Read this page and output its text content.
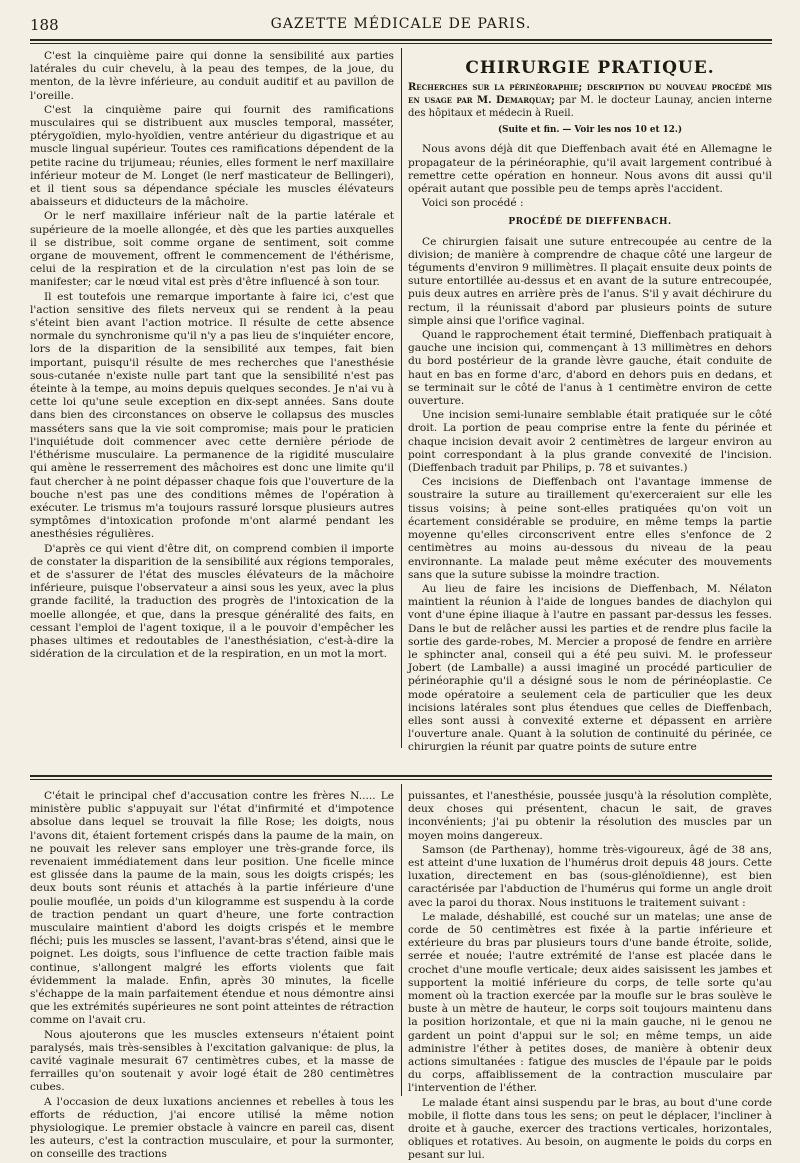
188	GAZETTE MÉDICALE DE PARIS.

C'est la cinquième paire qui donne la sensibilité aux parties latérales du cuir chevelu, à la peau des tempes, de la joue, du menton, de la lèvre inférieure, au conduit auditif et au pavillon de l'oreille.

C'est la cinquième paire qui fournit des ramifications musculaires qui se distribuent aux muscles temporal, masséter, ptérygoïdien, mylo-hyoïdien, ventre antérieur du digastrique et au muscle lingual supérieur. Toutes ces ramifications dépendent de la petite racine du trijumeau; réunies, elles forment le nerf maxillaire inférieur moteur de M. Longet (le nerf masticateur de Bellingeri), et il tient sous sa dépendance spéciale les muscles élévateurs abaisseurs et diducteurs de la mâchoire.

Or le nerf maxillaire inférieur naît de la partie latérale et supérieure de la moelle allongée, et dès que les parties auxquelles il se distribue, soit comme organe de sentiment, soit comme organe de mouvement, offrent le commencement de l'éthérisme, celui de la respiration et de la circulation n'est pas loin de se manifester; car le nœud vital est près d'être influencé à son tour.

Il est toutefois une remarque importante à faire ici, c'est que l'action sensitive des filets nerveux qui se rendent à la peau s'éteint bien avant l'action motrice. Il résulte de cette absence normale du synchronisme qu'il n'y a pas lieu de s'inquiéter encore, lors de la disparition de la sensibilité aux tempes, fait bien important, puisqu'il résulte de mes recherches que l'anesthésie sous-cutanée n'existe nulle part tant que la sensibilité n'est pas éteinte à la tempe, au moins depuis quelques secondes. Je n'ai vu à cette loi qu'une seule exception en dix-sept années. Sans doute dans bien des circonstances on observe le collapsus des muscles masséters sans que la vie soit compromise; mais pour le praticien l'inquiétude doit commencer avec cette dernière période de l'éthérisme musculaire. La permanence de la rigidité musculaire qui amène le resserrement des mâchoires est donc une limite qu'il faut chercher à ne point dépasser chaque fois que l'ouverture de la bouche n'est pas une des conditions mêmes de l'opération à exécuter. Le trismus m'a toujours rassuré lorsque plusieurs autres symptômes d'intoxication profonde m'ont alarmé pendant les anesthésies régulières.

D'après ce qui vient d'être dit, on comprend combien il importe de constater la disparition de la sensibilité aux régions temporales, et de s'assurer de l'état des muscles élévateurs de la mâchoire inférieure, puisque l'observateur a ainsi sous les yeux, avec la plus grande facilité, la traduction des progrès de l'intoxication de la moelle allongée, et que, dans la presque généralité des faits, en cessant l'emploi de l'agent toxique, il a le pouvoir d'empêcher les phases ultimes et redoutables de l'anesthésiation, c'est-à-dire la sidération de la circulation et de la respiration, en un mot la mort.

CHIRURGIE PRATIQUE.
Recherches sur la périnéoraphie; description du nouveau procédé mis en usage par M. Demarquay; par M. le docteur Launay, ancien interne des hôpitaux et médecin à Rueil.
(Suite et fin. — Voir les nos 10 et 12.)

Nous avons déjà dit que Dieffenbach avait été en Allemagne le propagateur de la périnéoraphie, qu'il avait largement contribué à remettre cette opération en honneur. Nous avons dit aussi qu'il opérait autant que possible peu de temps après l'accident.

Voici son procédé :

PROCÉDÉ DE DIEFFENBACH.

Ce chirurgien faisait une suture entrecoupée au centre de la division; de manière à comprendre de chaque côté une largeur de téguments d'environ 9 millimètres. Il plaçait ensuite deux points de suture entortillée au-dessus et en avant de la suture entrecoupée, puis deux autres en arrière près de l'anus. S'il y avait déchirure du rectum, il la réunissait d'abord par plusieurs points de suture simple ainsi que l'orifice vaginal.

Quand le rapprochement était terminé, Dieffenbach pratiquait à gauche une incision qui, commençant à 13 millimètres en dehors du bord postérieur de la grande lèvre gauche, était conduite de haut en bas en forme d'arc, d'abord en dehors puis en dedans, et se terminait sur le côté de l'anus à 1 centimètre environ de cette ouverture.

Une incision semi-lunaire semblable était pratiquée sur le côté droit. La portion de peau comprise entre la fente du périnée et chaque incision devait avoir 2 centimètres de largeur environ au point correspondant à la plus grande convexité de l'incision. (Dieffenbach traduit par Philips, p. 78 et suivantes.)

Ces incisions de Dieffenbach ont l'avantage immense de soustraire la suture au tiraillement qu'exerceraient sur elle les tissus voisins; à peine sont-elles pratiquées qu'on voit un écartement considérable se produire, en même temps la partie moyenne qu'elles circonscrivent entre elles s'enfonce de 2 centimètres au moins au-dessous du niveau de la peau environnante. La malade peut même exécuter des mouvements sans que la suture subisse la moindre traction.

Au lieu de faire les incisions de Dieffenbach, M. Nélaton maintient la réunion à l'aide de longues bandes de diachylon qui vont d'une épine iliaque à l'autre en passant par-dessus les fesses. Dans le but de relâcher aussi les parties et de rendre plus facile la sortie des garde-robes, M. Mercier a proposé de fendre en arrière le sphincter anal, conseil qui a été peu suivi. M. le professeur Jobert (de Lamballe) a aussi imaginé un procédé particulier de périnéoraphie qu'il a désigné sous le nom de périnéoplastie. Ce mode opératoire a seulement cela de particulier que les deux incisions latérales sont plus étendues que celles de Dieffenbach, elles sont aussi à convexité externe et dépassent en arrière l'ouverture anale. Quant à la solution de continuité du périnée, ce chirurgien la réunit par quatre points de suture entre

C'était le principal chef d'accusation contre les frères N..... Le ministère public s'appuyait sur l'état d'infirmité et d'impotence absolue dans lequel se trouvait la fille Rose; les doigts, nous l'avons dit, étaient fortement crispés dans la paume de la main, on ne pouvait les relever sans employer une très-grande force, ils revenaient immédiatement dans leur position. Une ficelle mince est glissée dans la paume de la main, sous les doigts crispés; les deux bouts sont réunis et attachés à la partie inférieure d'une poulie mouflée, un poids d'un kilogramme est suspendu à la corde de traction pendant un quart d'heure, une forte contraction musculaire maintient d'abord les doigts crispés et le membre fléchi; puis les muscles se lassent, l'avant-bras s'étend, ainsi que le poignet. Les doigts, sous l'influence de cette traction faible mais continue, s'allongent malgré les efforts violents que fait évidemment la malade. Enfin, après 30 minutes, la ficelle s'échappe de la main parfaitement étendue et nous démontre ainsi que les extrémités supérieures ne sont point atteintes de rétraction comme on l'avait cru.

Nous ajouterons que les muscles extenseurs n'étaient point paralysés, mais très-sensibles à l'excitation galvanique: de plus, la cavité vaginale mesurait 67 centimètres cubes, et la masse de ferrailles qu'on soutenait y avoir logé était de 280 centimètres cubes.

A l'occasion de deux luxations anciennes et rebelles à tous les efforts de réduction, j'ai encore utilisé la même notion physiologique. Le premier obstacle à vaincre en pareil cas, disent les auteurs, c'est la contraction musculaire, et pour la surmonter, on conseille des tractions

puissantes, et l'anesthésie, poussée jusqu'à la résolution complète, deux choses qui présentent, chacun le sait, de graves inconvénients; j'ai pu obtenir la résolution des muscles par un moyen moins dangereux.

Samson (de Parthenay), homme très-vigoureux, âgé de 38 ans, est atteint d'une luxation de l'humérus droit depuis 48 jours. Cette luxation, directement en bas (sous-glénoïdienne), est bien caractérisée par l'abduction de l'humérus qui forme un angle droit avec la paroi du thorax. Nous instituons le traitement suivant :

Le malade, déshabillé, est couché sur un matelas; une anse de corde de 50 centimètres est fixée à la partie inférieure et extérieure du bras par plusieurs tours d'une bande étroite, solide, serrée et nouée; l'autre extrémité de l'anse est placée dans le crochet d'une moufle verticale; deux aides saisissent les jambes et supportent la moitié inférieure du corps, de telle sorte qu'au moment où la traction exercée par la moufle sur le bras soulève le buste à un mètre de hauteur, le corps soit toujours maintenu dans la position horizontale, et que ni la main gauche, ni le genou ne gardent un point d'appui sur le sol; en même temps, un aide administre l'éther à petites doses, de manière à obtenir deux actions simultanées : fatigue des muscles de l'épaule par le poids du corps, affaiblissement de la contraction musculaire par l'intervention de l'éther.

Le malade étant ainsi suspendu par le bras, au bout d'une corde mobile, il flotte dans tous les sens; on peut le déplacer, l'incliner à droite et à gauche, exercer des tractions verticales, horizontales, obliques et rotatives. Au besoin, on augmente le poids du corps en pesant sur lui.
